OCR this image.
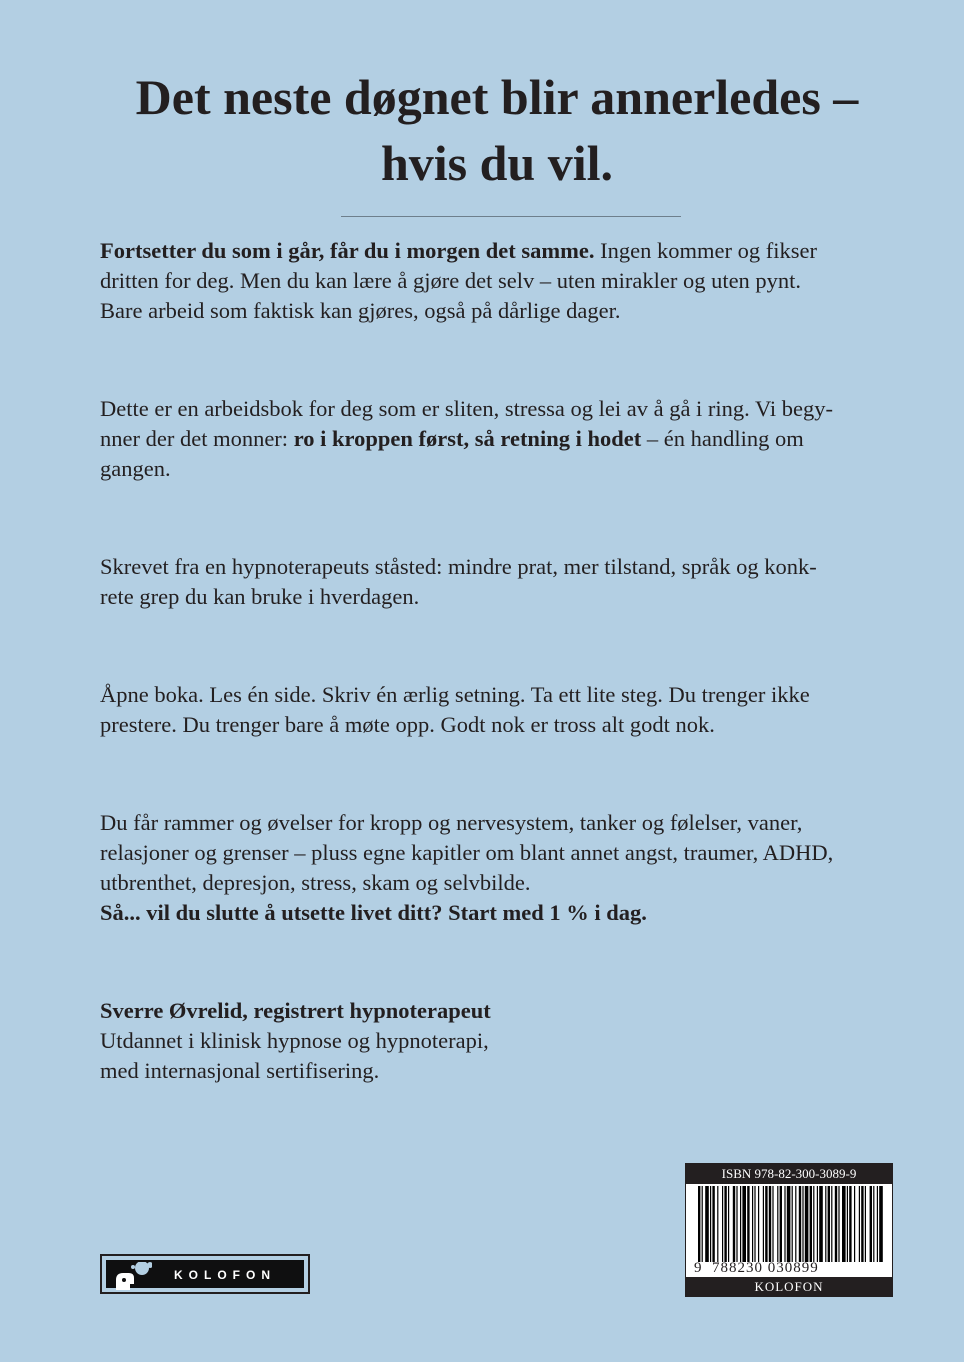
Det neste døgnet blir annerledes –
hvis du vil.

Fortsetter du som i går, får du i morgen det samme. Ingen kommer og fikser
dritten for deg. Men du kan lære å gjøre det selv – uten mirakler og uten pynt.
Bare arbeid som faktisk kan gjøres, også på dårlige dager.

Dette er en arbeidsbok for deg som er sliten, stressa og lei av å gå i ring. Vi begy-
nner der det monner: ro i kroppen først, så retning i hodet – én handling om
gangen.

Skrevet fra en hypnoterapeuts ståsted: mindre prat, mer tilstand, språk og konk-
rete grep du kan bruke i hverdagen.

Åpne boka. Les én side. Skriv én ærlig setning. Ta ett lite steg. Du trenger ikke
prestere. Du trenger bare å møte opp. Godt nok er tross alt godt nok.

Du får rammer og øvelser for kropp og nervesystem, tanker og følelser, vaner,
relasjoner og grenser – pluss egne kapitler om blant annet angst, traumer, ADHD,
utbrenthet, depresjon, stress, skam og selvbilde.
Så... vil du slutte å utsette livet ditt? Start med 1 % i dag.

Sverre Øvrelid, registrert hypnoterapeut
Utdannet i klinisk hypnose og hypnoterapi,
med internasjonal sertifisering.

KOLOFON
ISBN 978-82-300-3089-9
9 788230 030899
KOLOFON
